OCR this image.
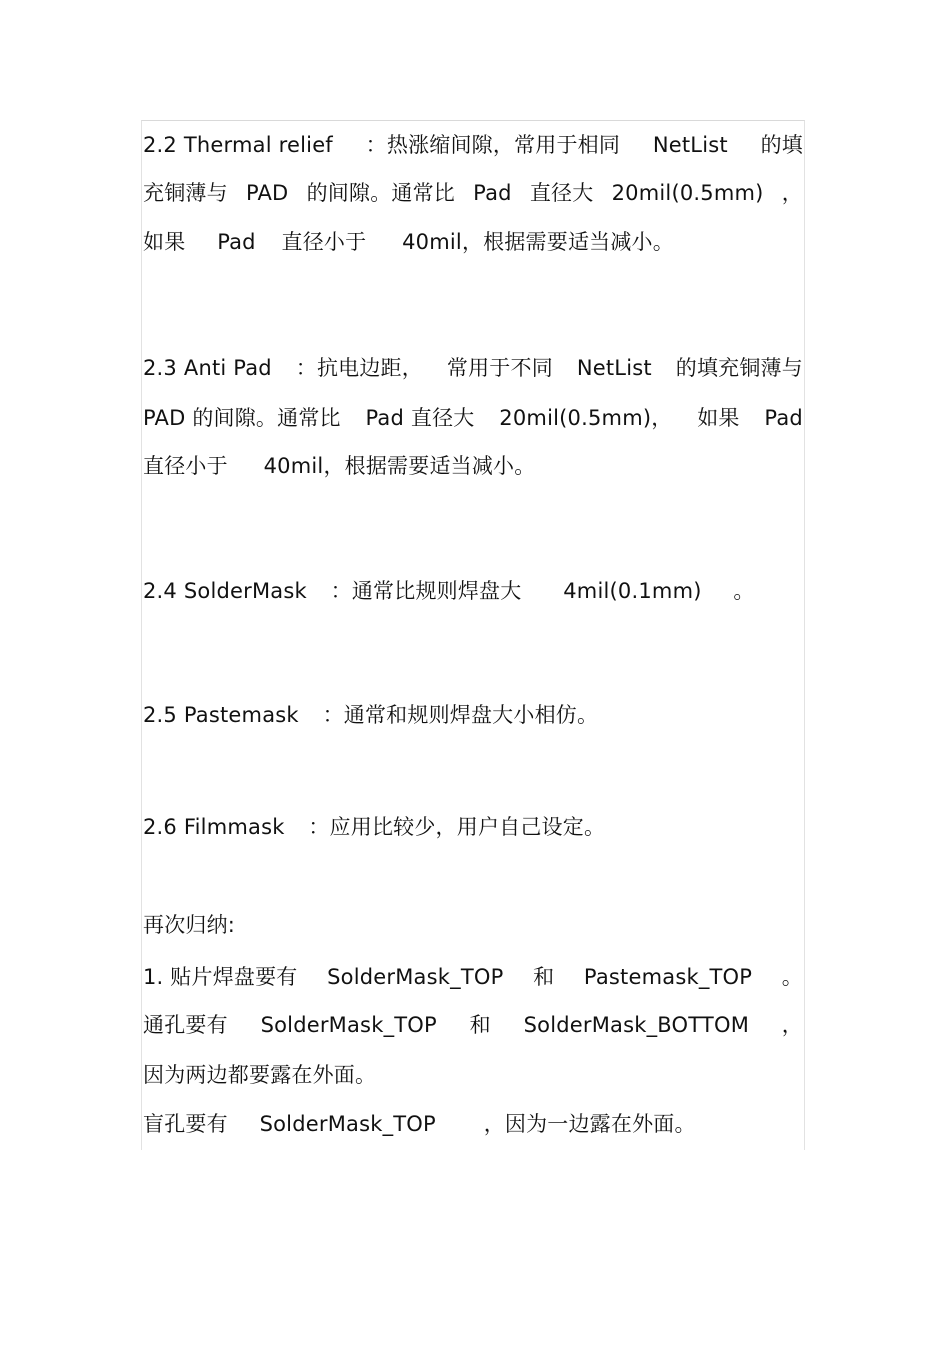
2.2 Thermal relief ：热涨缩间隙，常用于相同 NetList 的填
充铜薄与 PAD 的间隙。通常比 Pad 直径大 20mil(0.5mm) ，
如果 Pad 直径小于 40mil，根据需要适当减小。
2.3 Anti Pad ：抗电边距， 常用于不同 NetList 的填充铜薄与
PAD 的间隙。通常比 Pad 直径大 20mil(0.5mm)， 如果 Pad
直径小于 40mil，根据需要适当减小。
2.4 SolderMask ：通常比规则焊盘大 4mil(0.1mm) 。
2.5 Pastemask ：通常和规则焊盘大小相仿。
2.6 Filmmask ：应用比较少，用户自己设定。
再次归纳:
1. 贴片焊盘要有 SolderMask_TOP 和 Pastemask_TOP 。
通孔要有 SolderMask_TOP 和 SolderMask_BOTTOM ，
因为两边都要露在外面。
盲孔要有 SolderMask_TOP ，因为一边露在外面。
